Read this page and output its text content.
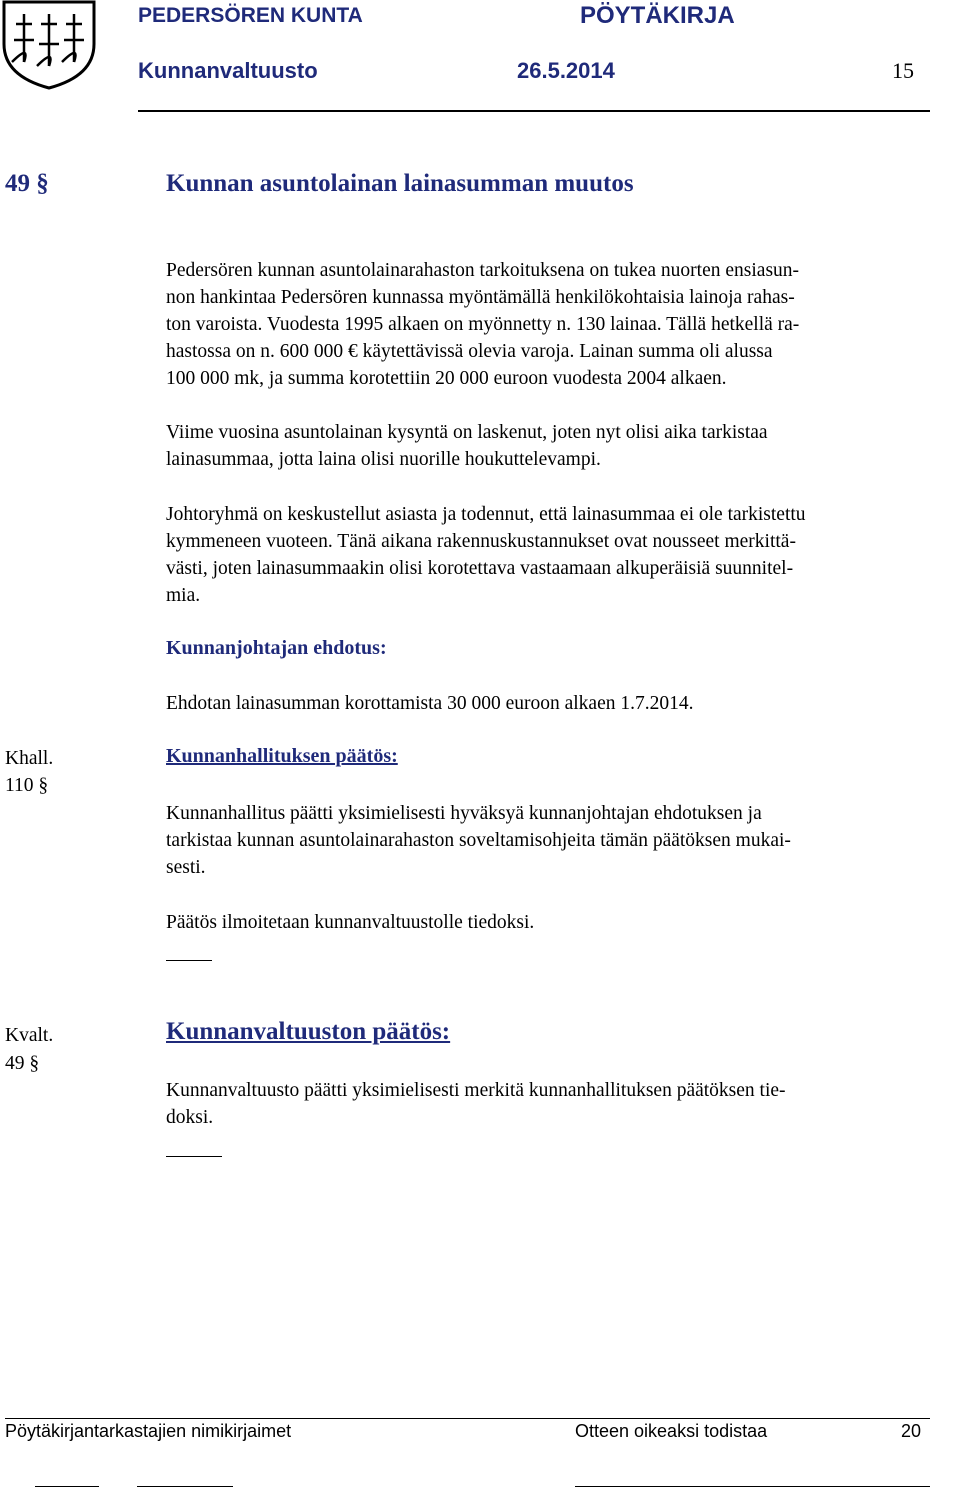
PEDERSÖREN KUNTA	PÖYTÄKIRJA
Kunnanvaltuusto	26.5.2014	15
49 §	Kunnan asuntolainan lainasumman muutos

Pedersören kunnan asuntolainarahaston tarkoituksena on tukea nuorten ensiasun-

non hankintaa Pedersören kunnassa myöntämällä henkilökohtaisia lainoja rahas-

ton varoista. Vuodesta 1995 alkaen on myönnetty n. 130 lainaa. Tällä hetkellä ra-

hastossa on n. 600 000 € käytettävissä olevia varoja. Lainan summa oli alussa

100 000 mk, ja summa korotettiin 20 000 euroon vuodesta 2004 alkaen.

Viime vuosina asuntolainan kysyntä on laskenut, joten nyt olisi aika tarkistaa

lainasummaa, jotta laina olisi nuorille houkuttelevampi.

Johtoryhmä on keskustellut asiasta ja todennut, että lainasummaa ei ole tarkistettu

kymmeneen vuoteen. Tänä aikana rakennuskustannukset ovat nousseet merkittä-

västi, joten lainasummaakin olisi korotettava vastaamaan alkuperäisiä suunnitel-

mia.

Kunnanjohtajan ehdotus:
Ehdotan lainasumman korottamista 30 000 euroon alkaen 1.7.2014.
Khall.
110 §
Kunnanhallituksen päätös:

Kunnanhallitus päätti yksimielisesti hyväksyä kunnanjohtajan ehdotuksen ja

tarkistaa kunnan asuntolainarahaston soveltamisohjeita tämän päätöksen mukai-

sesti.

Päätös ilmoitetaan kunnanvaltuustolle tiedoksi.
Kvalt.
49 §
Kunnanvaltuuston päätös:

Kunnanvaltuusto päätti yksimielisesti merkitä kunnanhallituksen päätöksen tie-

doksi.

Pöytäkirjantarkastajien nimikirjaimet	Otteen oikeaksi todistaa	20
